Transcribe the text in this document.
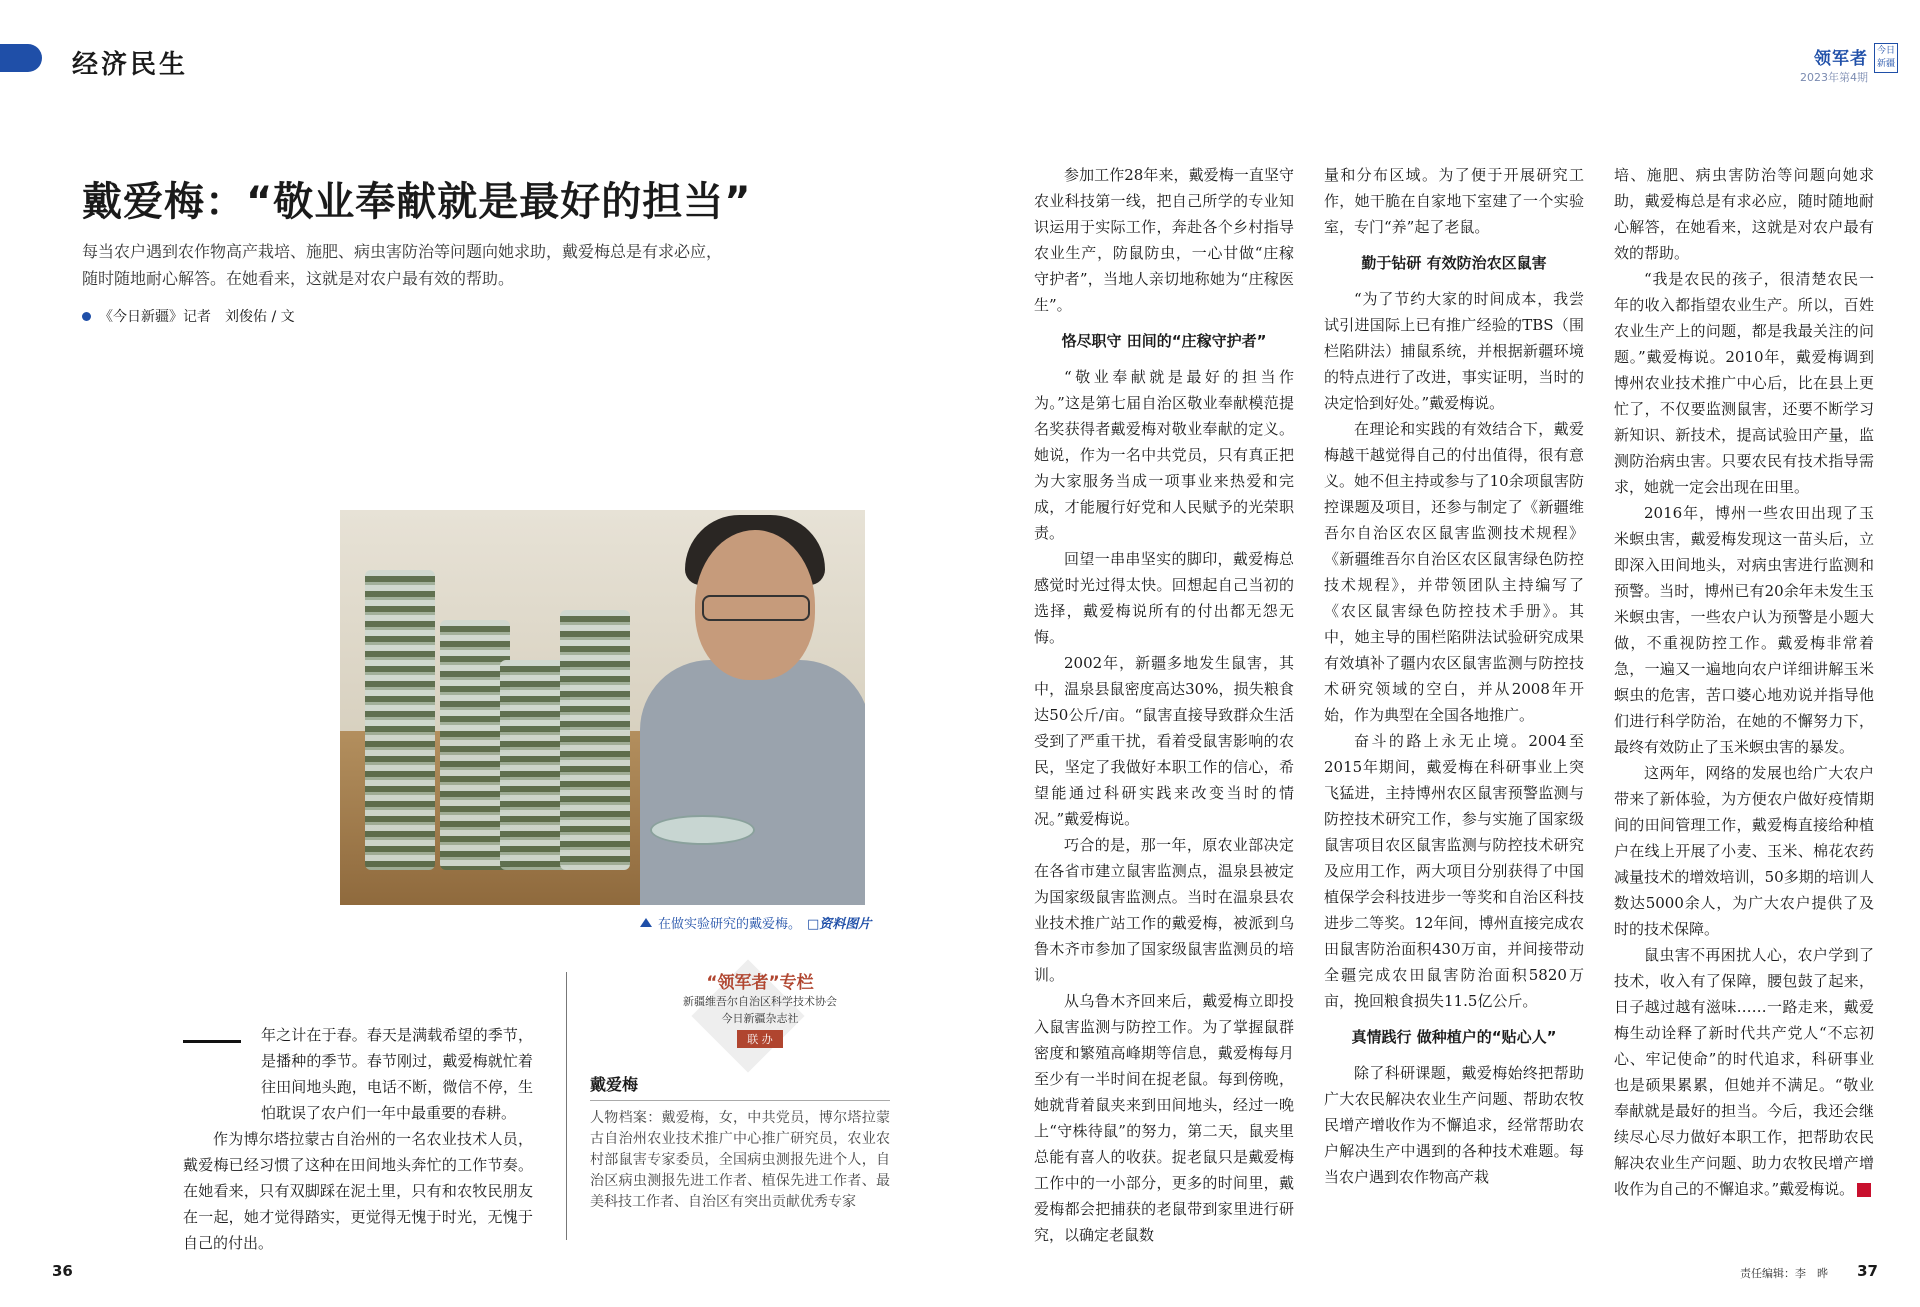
经济民生	领军者
2023年第4期
今日新疆
戴爱梅：“敬业奉献就是最好的担当”

每当农户遇到农作物高产栽培、施肥、病虫害防治等问题向她求助，戴爱梅总是有求必应，随时随地耐心解答。在她看来，这就是对农户最有效的帮助。

《今日新疆》记者　刘俊佑 / 文
在做实验研究的戴爱梅。 □资料图片

年之计在于春。春天是满载希望的季节，是播种的季节。春节刚过，戴爱梅就忙着往田间地头跑，电话不断，微信不停，生怕耽误了农户们一年中最重要的春耕。

作为博尔塔拉蒙古自治州的一名农业技术人员，戴爱梅已经习惯了这种在田间地头奔忙的工作节奏。在她看来，只有双脚踩在泥土里，只有和农牧民朋友在一起，她才觉得踏实，更觉得无愧于时光，无愧于自己的付出。

“领军者”专栏
新疆维吾尔自治区科学技术协会
今日新疆杂志社
联 办
戴爱梅
人物档案：戴爱梅，女，中共党员，博尔塔拉蒙古自治州农业技术推广中心推广研究员，农业农村部鼠害专家委员，全国病虫测报先进个人，自治区病虫测报先进工作者、植保先进工作者、最美科技工作者、自治区有突出贡献优秀专家

参加工作28年来，戴爱梅一直坚守农业科技第一线，把自己所学的专业知识运用于实际工作，奔赴各个乡村指导农业生产，防鼠防虫，一心甘做“庄稼守护者”，当地人亲切地称她为“庄稼医生”。

恪尽职守 田间的“庄稼守护者”

“敬业奉献就是最好的担当作为。”这是第七届自治区敬业奉献模范提名奖获得者戴爱梅对敬业奉献的定义。她说，作为一名中共党员，只有真正把为大家服务当成一项事业来热爱和完成，才能履行好党和人民赋予的光荣职责。

回望一串串坚实的脚印，戴爱梅总感觉时光过得太快。回想起自己当初的选择，戴爱梅说所有的付出都无怨无悔。

2002年，新疆多地发生鼠害，其中，温泉县鼠密度高达30%，损失粮食达50公斤/亩。“鼠害直接导致群众生活受到了严重干扰，看着受鼠害影响的农民，坚定了我做好本职工作的信心，希望能通过科研实践来改变当时的情况。”戴爱梅说。

巧合的是，那一年，原农业部决定在各省市建立鼠害监测点，温泉县被定为国家级鼠害监测点。当时在温泉县农业技术推广站工作的戴爱梅，被派到乌鲁木齐市参加了国家级鼠害监测员的培训。

从乌鲁木齐回来后，戴爱梅立即投入鼠害监测与防控工作。为了掌握鼠群密度和繁殖高峰期等信息，戴爱梅每月至少有一半时间在捉老鼠。每到傍晚，她就背着鼠夹来到田间地头，经过一晚上“守株待鼠”的努力，第二天，鼠夹里总能有喜人的收获。捉老鼠只是戴爱梅工作中的一小部分，更多的时间里，戴爱梅都会把捕获的老鼠带到家里进行研究，以确定老鼠数

量和分布区域。为了便于开展研究工作，她干脆在自家地下室建了一个实验室，专门“养”起了老鼠。

勤于钻研 有效防治农区鼠害

“为了节约大家的时间成本，我尝试引进国际上已有推广经验的TBS（围栏陷阱法）捕鼠系统，并根据新疆环境的特点进行了改进，事实证明，当时的决定恰到好处。”戴爱梅说。

在理论和实践的有效结合下，戴爱梅越干越觉得自己的付出值得，很有意义。她不但主持或参与了10余项鼠害防控课题及项目，还参与制定了《新疆维吾尔自治区农区鼠害监测技术规程》《新疆维吾尔自治区农区鼠害绿色防控技术规程》，并带领团队主持编写了《农区鼠害绿色防控技术手册》。其中，她主导的围栏陷阱法试验研究成果有效填补了疆内农区鼠害监测与防控技术研究领域的空白，并从2008年开始，作为典型在全国各地推广。

奋斗的路上永无止境。2004至2015年期间，戴爱梅在科研事业上突飞猛进，主持博州农区鼠害预警监测与防控技术研究工作，参与实施了国家级鼠害项目农区鼠害监测与防控技术研究及应用工作，两大项目分别获得了中国植保学会科技进步一等奖和自治区科技进步二等奖。12年间，博州直接完成农田鼠害防治面积430万亩，并间接带动全疆完成农田鼠害防治面积5820万亩，挽回粮食损失11.5亿公斤。

真情践行 做种植户的“贴心人”

除了科研课题，戴爱梅始终把帮助广大农民解决农业生产问题、帮助农牧民增产增收作为不懈追求，经常帮助农户解决生产中遇到的各种技术难题。每当农户遇到农作物高产栽

培、施肥、病虫害防治等问题向她求助，戴爱梅总是有求必应，随时随地耐心解答，在她看来，这就是对农户最有效的帮助。

“我是农民的孩子，很清楚农民一年的收入都指望农业生产。所以，百姓农业生产上的问题，都是我最关注的问题。”戴爱梅说。2010年，戴爱梅调到博州农业技术推广中心后，比在县上更忙了，不仅要监测鼠害，还要不断学习新知识、新技术，提高试验田产量，监测防治病虫害。只要农民有技术指导需求，她就一定会出现在田里。

2016年，博州一些农田出现了玉米螟虫害，戴爱梅发现这一苗头后，立即深入田间地头，对病虫害进行监测和预警。当时，博州已有20余年未发生玉米螟虫害，一些农户认为预警是小题大做，不重视防控工作。戴爱梅非常着急，一遍又一遍地向农户详细讲解玉米螟虫的危害，苦口婆心地劝说并指导他们进行科学防治，在她的不懈努力下，最终有效防止了玉米螟虫害的暴发。

这两年，网络的发展也给广大农户带来了新体验，为方便农户做好疫情期间的田间管理工作，戴爱梅直接给种植户在线上开展了小麦、玉米、棉花农药减量技术的增效培训，50多期的培训人数达5000余人，为广大农户提供了及时的技术保障。

鼠虫害不再困扰人心，农户学到了技术，收入有了保障，腰包鼓了起来，日子越过越有滋味……一路走来，戴爱梅生动诠释了新时代共产党人“不忘初心、牢记使命”的时代追求，科研事业也是硕果累累，但她并不满足。“敬业奉献就是最好的担当。今后，我还会继续尽心尽力做好本职工作，把帮助农民解决农业生产问题、助力农牧民增产增收作为自己的不懈追求。”戴爱梅说。

36	37
责任编辑：李　晔
